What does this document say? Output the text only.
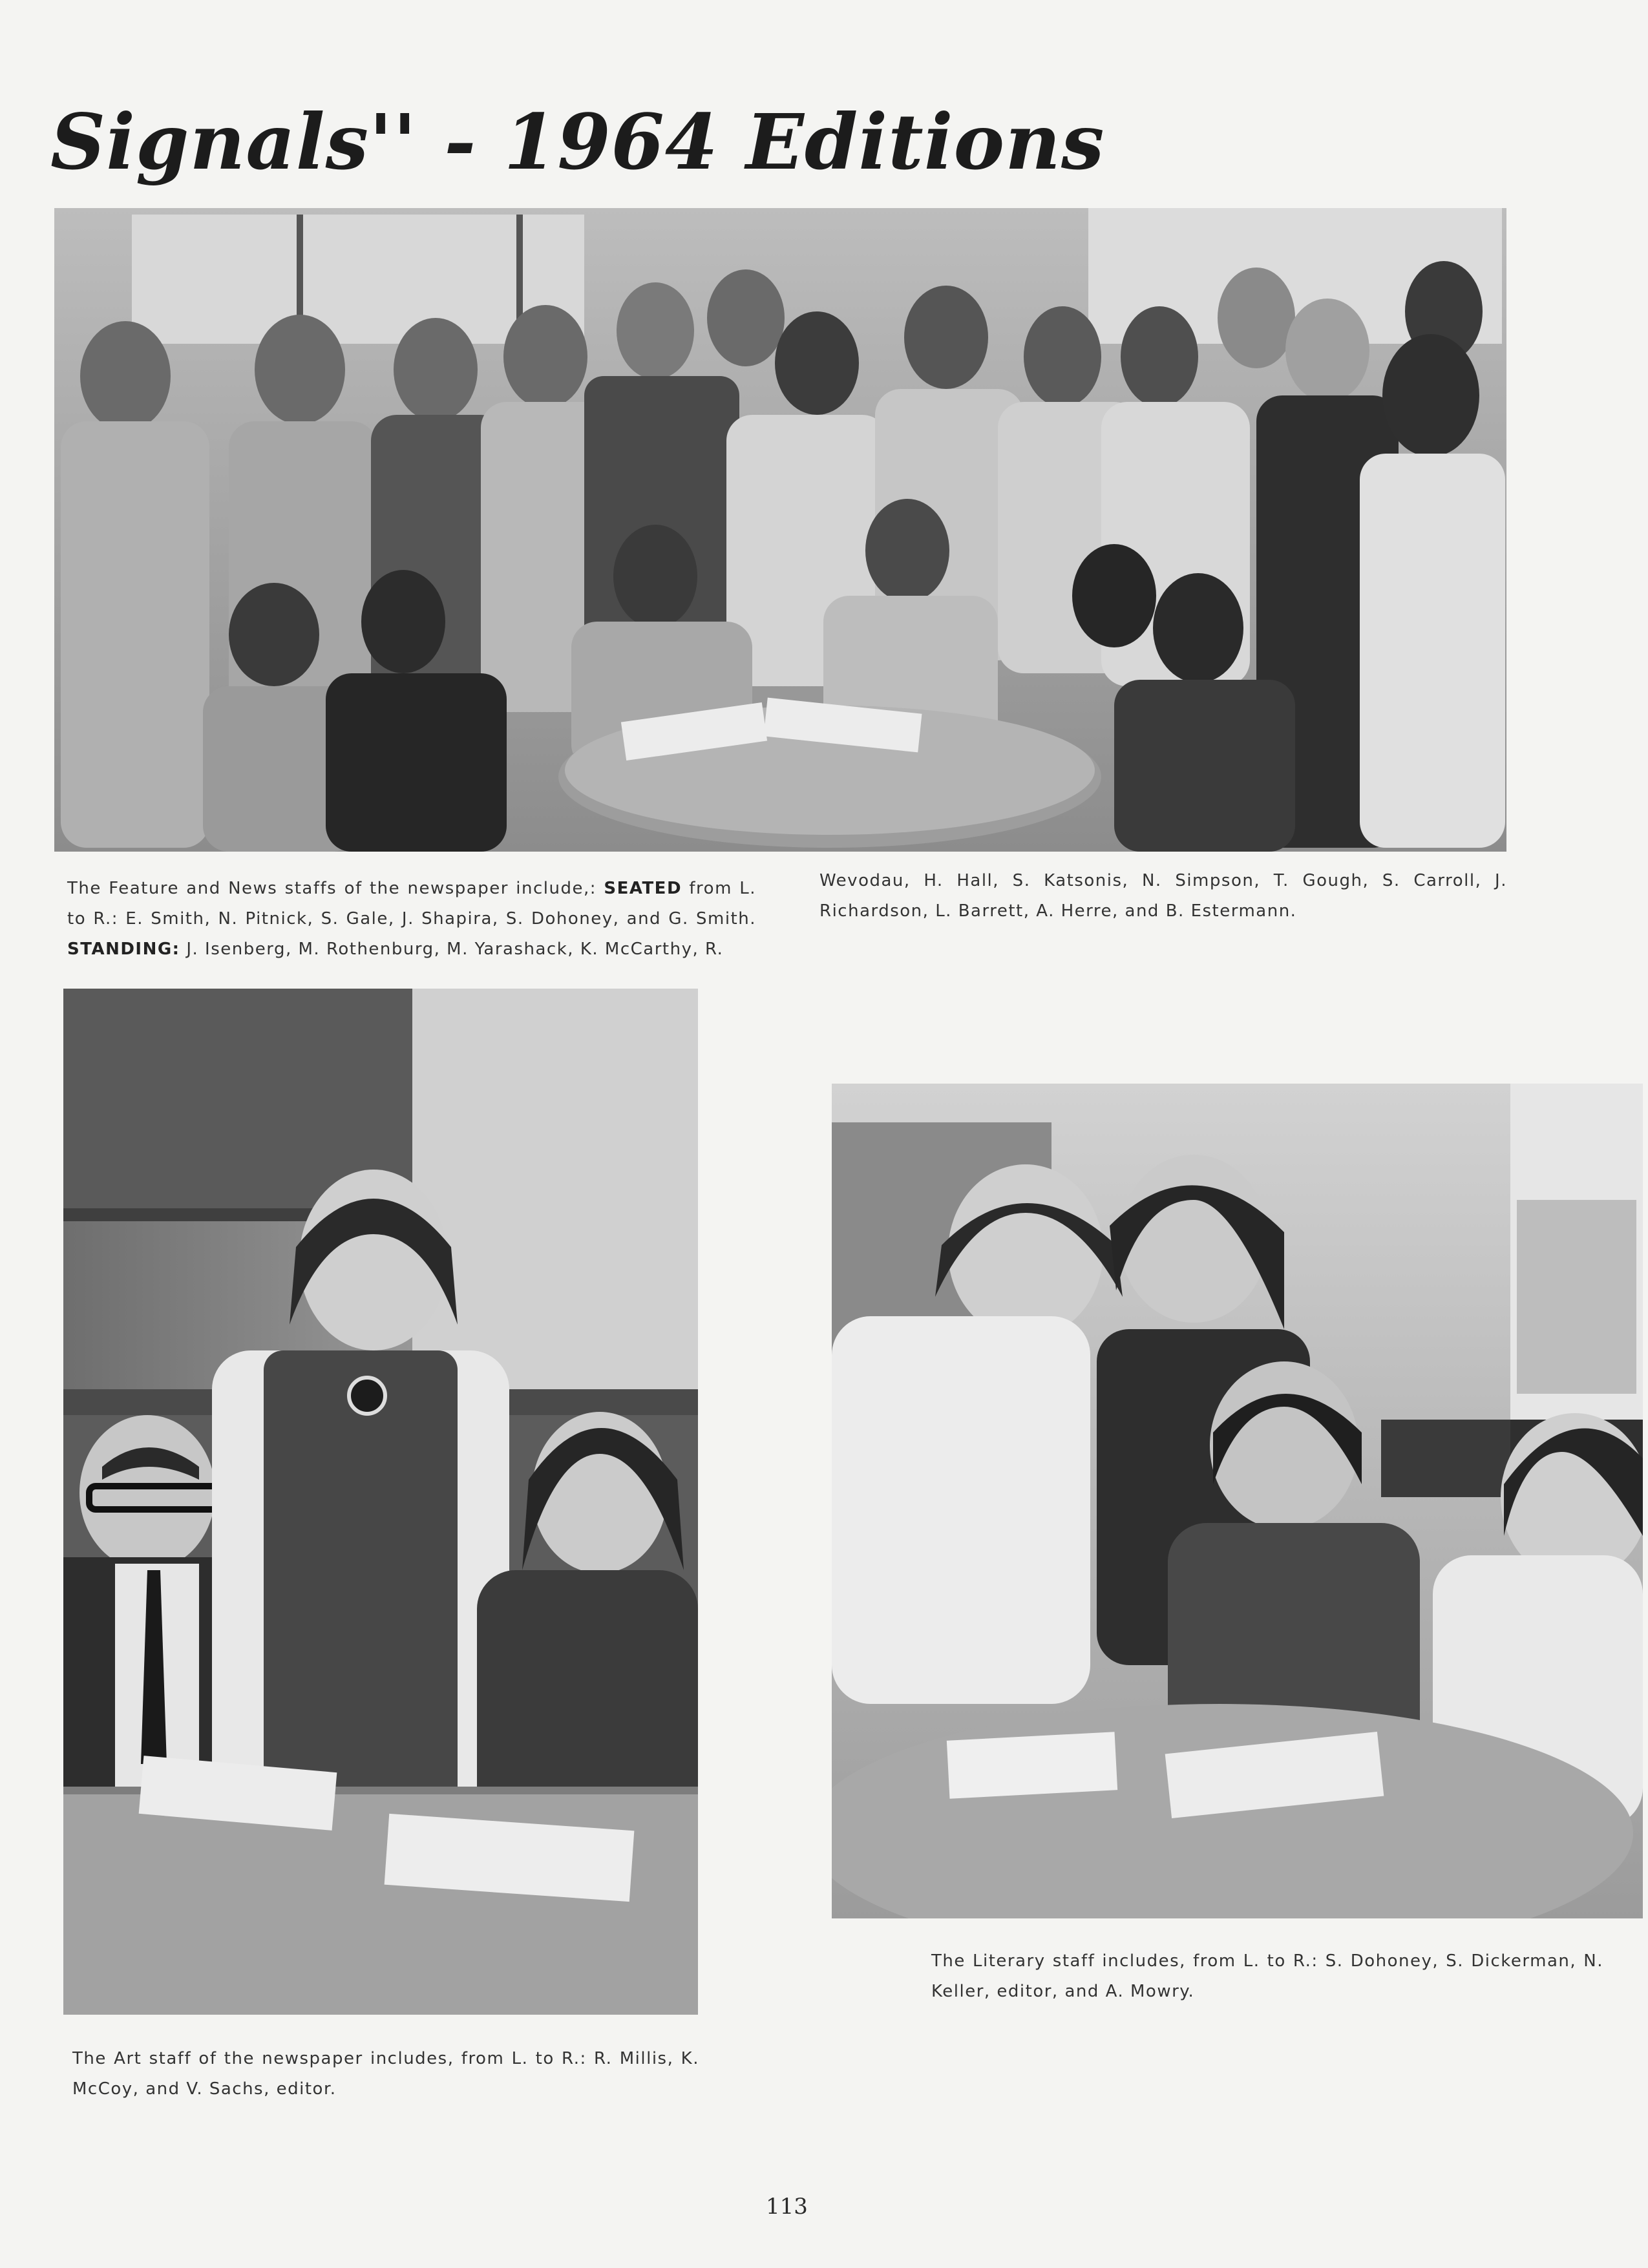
Signals'' - 1964 Editions
The Feature and News staffs of the newspaper include,: SEATED from L. to R.: E. Smith, N. Pitnick, S. Gale, J. Shapira, S. Dohoney, and G. Smith. STANDING: J. Isenberg, M. Rothenburg, M. Yarashack, K. McCarthy, R.
Wevodau, H. Hall, S. Katsonis, N. Simpson, T. Gough, S. Carroll, J. Richardson, L. Barrett, A. Herre, and B. Estermann.
The Art staff of the newspaper includes, from L. to R.: R. Millis, K. McCoy, and V. Sachs, editor.
The Literary staff includes, from L. to R.: S. Dohoney, S. Dickerman, N. Keller, editor, and A. Mowry.
113
